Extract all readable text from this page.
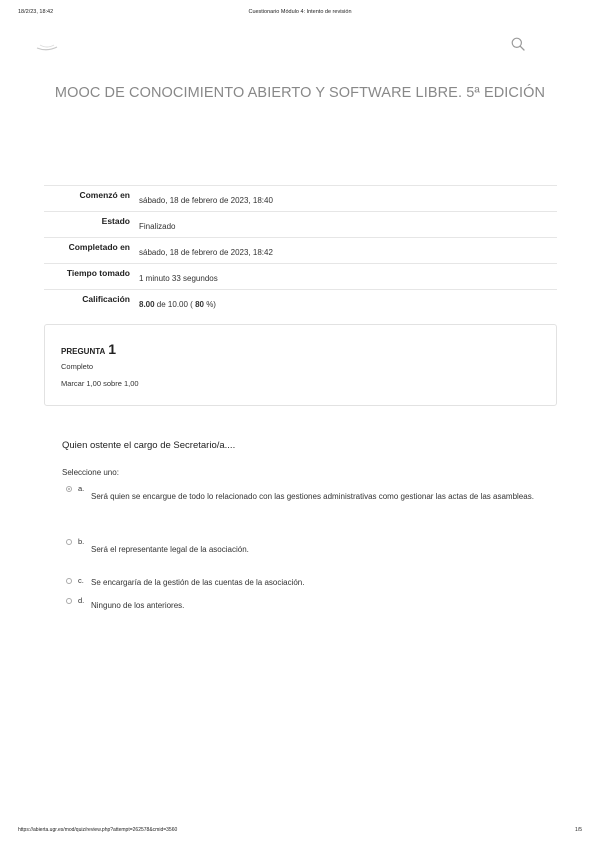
18/2/23, 18:42	Cuestionario Módulo 4: Intento de revisión
MOOC DE CONOCIMIENTO ABIERTO Y SOFTWARE LIBRE. 5ª EDICIÓN
Comenzó en
sábado, 18 de febrero de 2023, 18:40
Estado
Finalizado
Completado en
sábado, 18 de febrero de 2023, 18:42
Tiempo tomado
1 minuto 33 segundos
Calificación
8.00 de 10.00 ( 80 %)
PREGUNTA 1
Completo
Marcar 1,00 sobre 1,00
Quien ostente el cargo de Secretario/a....
Seleccione uno:
a.
Será quien se encargue de todo lo relacionado con las gestiones administrativas como gestionar las actas de las asambleas.
b.
Será el representante legal de la asociación.
c. Se encargaría de la gestión de las cuentas de la asociación.
d.
Ninguno de los anteriores.
https://abierta.ugr.es/mod/quiz/review.php?attempt=262578&cmid=3560	1/5
